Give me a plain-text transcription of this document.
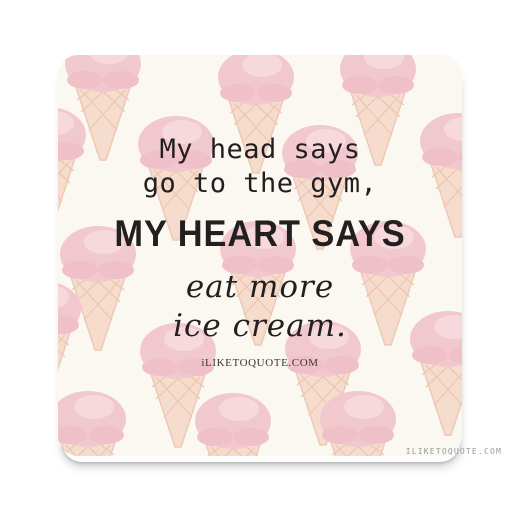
My head says
go to the gym,
MY HEART SAYS
eat more
ice cream.
iLIKETOQUOTE.COM
ILIKETOQUOTE.COM
